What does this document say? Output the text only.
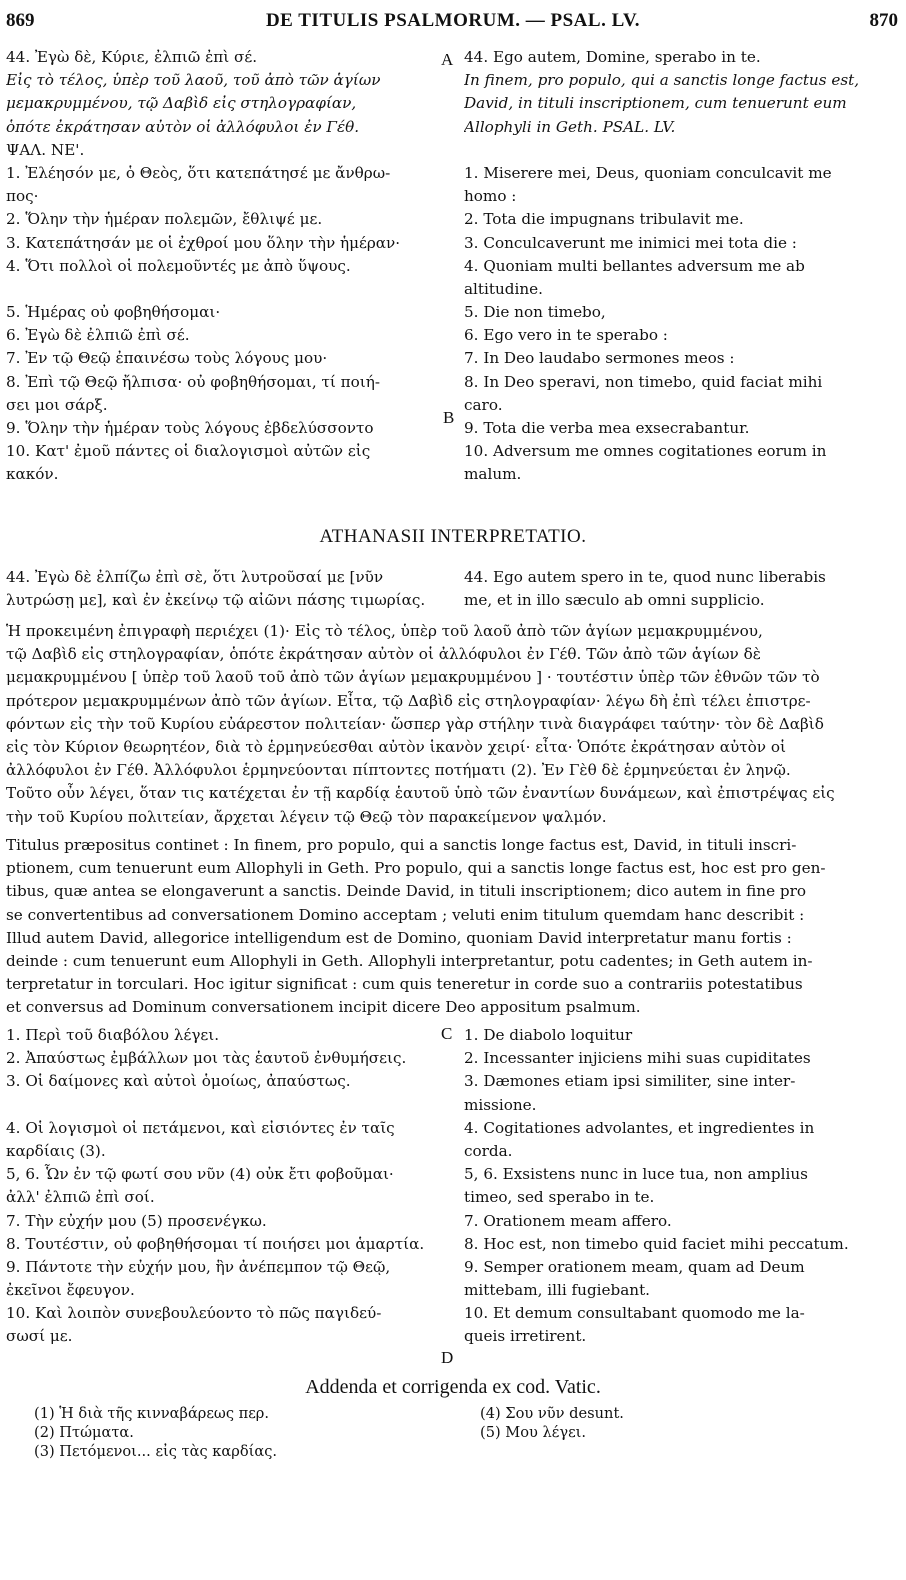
869	DE TITULIS PSALMORUM. — PSAL. LV.	870
A
B
C
D
44. Ἐγὼ δὲ, Κύριε, ἐλπιῶ ἐπὶ σέ.
Εἰς τὸ τέλος, ὑπὲρ τοῦ λαοῦ, τοῦ ἀπὸ τῶν ἁγίων
μεμακρυμμένου, τῷ Δαβὶδ εἰς στηλογραφίαν,
ὁπότε ἐκράτησαν αὐτὸν οἱ ἀλλόφυλοι ἐν Γέθ.
ΨΑΛ. ΝΕ'.
1. Ἐλέησόν με, ὁ Θεὸς, ὅτι κατεπάτησέ με ἄνθρω-
πος·
2. Ὅλην τὴν ἡμέραν πολεμῶν, ἔθλιψέ με.
3. Κατεπάτησάν με οἱ ἐχθροί μου ὅλην τὴν ἡμέραν·
4. Ὅτι πολλοὶ οἱ πολεμοῦντές με ἀπὸ ὕψους.
5. Ἡμέρας οὐ φοβηθήσομαι·
6. Ἐγὼ δὲ ἐλπιῶ ἐπὶ σέ.
7. Ἐν τῷ Θεῷ ἐπαινέσω τοὺς λόγους μου·
8. Ἐπὶ τῷ Θεῷ ἤλπισα· οὐ φοβηθήσομαι, τί ποιή-
σει μοι σάρξ.
9. Ὅλην τὴν ἡμέραν τοὺς λόγους ἐβδελύσσοντο
10. Κατ' ἐμοῦ πάντες οἱ διαλογισμοὶ αὐτῶν εἰς
κακόν.
44. Ego autem, Domine, sperabo in te.
In finem, pro populo, qui a sanctis longe factus est,
David, in tituli inscriptionem, cum tenuerunt eum
Allophyli in Geth. PSAL. LV.
1. Miserere mei, Deus, quoniam conculcavit me
homo :
2. Tota die impugnans tribulavit me.
3. Conculcaverunt me inimici mei tota die :
4. Quoniam multi bellantes adversum me ab
altitudine.
5. Die non timebo,
6. Ego vero in te sperabo :
7. In Deo laudabo sermones meos :
8. In Deo speravi, non timebo, quid faciat mihi
caro.
9. Tota die verba mea exsecrabantur.
10. Adversum me omnes cogitationes eorum in
malum.
ATHANASII INTERPRETATIO.
44. Ἐγὼ δὲ ἐλπίζω ἐπὶ σὲ, ὅτι λυτροῦσαί με [νῦν
λυτρώσῃ με], καὶ ἐν ἐκείνῳ τῷ αἰῶνι πάσης τιμωρίας.
44. Ego autem spero in te, quod nunc liberabis
me, et in illo sæculo ab omni supplicio.
Ἡ προκειμένη ἐπιγραφὴ περιέχει (1)· Εἰς τὸ τέλος, ὑπὲρ τοῦ λαοῦ ἀπὸ τῶν ἁγίων μεμακρυμμένου,
τῷ Δαβὶδ εἰς στηλογραφίαν, ὁπότε ἐκράτησαν αὐτὸν οἱ ἀλλόφυλοι ἐν Γέθ. Τῶν ἀπὸ τῶν ἁγίων δὲ
μεμακρυμμένου [ ὑπὲρ τοῦ λαοῦ τοῦ ἀπὸ τῶν ἁγίων μεμακρυμμένου ] · τουτέστιν ὑπὲρ τῶν ἐθνῶν τῶν τὸ
πρότερον μεμακρυμμένων ἀπὸ τῶν ἁγίων. Εἶτα, τῷ Δαβὶδ εἰς στηλογραφίαν· λέγω δὴ ἐπὶ τέλει ἐπιστρε-
φόντων εἰς τὴν τοῦ Κυρίου εὐάρεστον πολιτείαν· ὥσπερ γὰρ στήλην τινὰ διαγράφει ταύτην· τὸν δὲ Δαβὶδ
εἰς τὸν Κύριον θεωρητέον, διὰ τὸ ἑρμηνεύεσθαι αὐτὸν ἱκανὸν χειρί· εἶτα· Ὁπότε ἐκράτησαν αὐτὸν οἱ
ἀλλόφυλοι ἐν Γέθ. Ἀλλόφυλοι ἑρμηνεύονται πίπτοντες ποτήματι (2). Ἐν Γὲθ δὲ ἑρμηνεύεται ἐν ληνῷ.
Τοῦτο οὖν λέγει, ὅταν τις κατέχεται ἐν τῇ καρδίᾳ ἑαυτοῦ ὑπὸ τῶν ἐναντίων δυνάμεων, καὶ ἐπιστρέψας εἰς
τὴν τοῦ Κυρίου πολιτείαν, ἄρχεται λέγειν τῷ Θεῷ τὸν παρακείμενον ψαλμόν.
Titulus præpositus continet : In finem, pro populo, qui a sanctis longe factus est, David, in tituli inscri-
ptionem, cum tenuerunt eum Allophyli in Geth. Pro populo, qui a sanctis longe factus est, hoc est pro gen-
tibus, quæ antea se elongaverunt a sanctis. Deinde David, in tituli inscriptionem; dico autem in fine pro
se convertentibus ad conversationem Domino acceptam ; veluti enim titulum quemdam hanc describit :
Illud autem David, allegorice intelligendum est de Domino, quoniam David interpretatur manu fortis :
deinde : cum tenuerunt eum Allophyli in Geth. Allophyli interpretantur, potu cadentes; in Geth autem in-
terpretatur in torculari. Hoc igitur significat : cum quis teneretur in corde suo a contrariis potestatibus
et conversus ad Dominum conversationem incipit dicere Deo appositum psalmum.
1. Περὶ τοῦ διαβόλου λέγει.
2. Ἀπαύστως ἐμβάλλων μοι τὰς ἑαυτοῦ ἐνθυμήσεις.
3. Οἱ δαίμονες καὶ αὐτοὶ ὁμοίως, ἀπαύστως.
4. Οἱ λογισμοὶ οἱ πετάμενοι, καὶ εἰσιόντες ἐν ταῖς
καρδίαις (3).
5, 6. Ὧν ἐν τῷ φωτί σου νῦν (4) οὐκ ἔτι φοβοῦμαι·
ἀλλ' ἐλπιῶ ἐπὶ σοί.
7. Τὴν εὐχήν μου (5) προσενέγκω.
8. Τουτέστιν, οὐ φοβηθήσομαι τί ποιήσει μοι ἁμαρτία.
9. Πάντοτε τὴν εὐχήν μου, ἣν ἀνέπεμπον τῷ Θεῷ,
ἐκεῖνοι ἔφευγον.
10. Καὶ λοιπὸν συνεβουλεύοντο τὸ πῶς παγιδεύ-
σωσί με.
1. De diabolo loquitur
2. Incessanter injiciens mihi suas cupiditates
3. Dæmones etiam ipsi similiter, sine inter-
missione.
4. Cogitationes advolantes, et ingredientes in
corda.
5, 6. Exsistens nunc in luce tua, non amplius
timeo, sed sperabo in te.
7. Orationem meam affero.
8. Hoc est, non timebo quid faciet mihi peccatum.
9. Semper orationem meam, quam ad Deum
mittebam, illi fugiebant.
10. Et demum consultabant quomodo me la-
queis irretirent.
Addenda et corrigenda ex cod. Vatic.
(1) Ἡ διὰ τῆς κινναβάρεως περ.
(2) Πτώματα.
(3) Πετόμενοι... εἰς τὰς καρδίας.
(4) Σου νῦν desunt.
(5) Μου λέγει.
